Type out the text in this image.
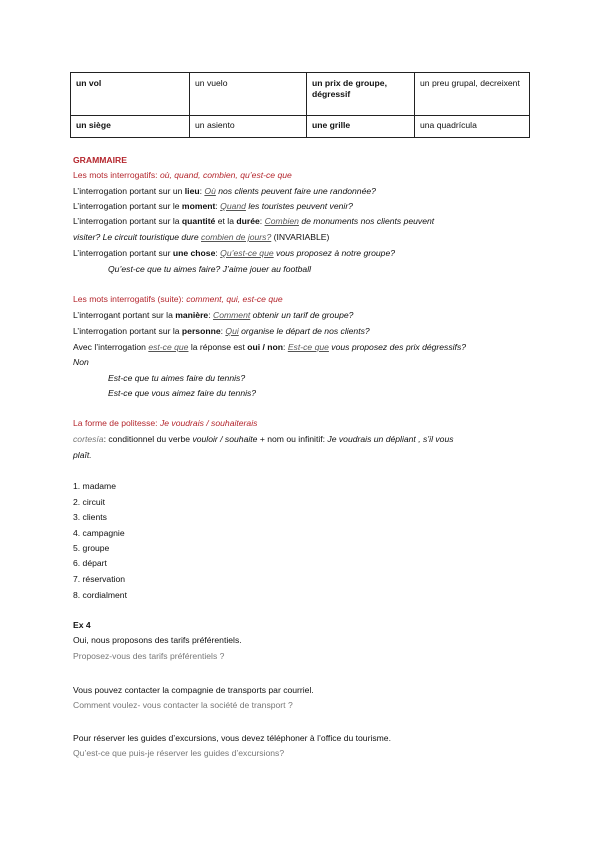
un vol	un vuelo	un prix de groupe, dégressif	un preu grupal, decreixent
un siège	un asiento	une grille	una quadrícula
GRAMMAIRE
Les mots interrogatifs: où, quand, combien, qu’est-ce que
L’interrogation portant sur un lieu: Où nos clients peuvent faire une randonnée?
L’interrogation portant sur le moment: Quand les touristes peuvent venir?
L’interrogation portant sur la quantité et la durée: Combien de monuments nos clients peuvent
visiter? Le circuit touristique dure combien de jours? (INVARIABLE)
L’interrogation portant sur une chose: Qu’est-ce que vous proposez à notre groupe?
Qu’est-ce que tu aimes faire? J’aime jouer au football
Les mots interrogatifs (suite): comment, qui, est-ce que
L’interrogant portant sur la manière: Comment obtenir un tarif de groupe?
L’interrogation portant sur la personne: Qui organise le départ de nos clients?
Avec l’interrogation est-ce que la réponse est oui / non: Est-ce que vous proposez des prix dégressifs?
Non
Est-ce que tu aimes faire du tennis?
Est-ce que vous aimez faire du tennis?
La forme de politesse: Je voudrais / souhaiterais
cortesía: conditionnel du verbe vouloir / souhaite + nom ou infinitif: Je voudrais un dépliant , s’il vous
plaît.
1. madame
2. circuit
3. clients
4. campagnie
5. groupe
6. départ
7. réservation
8. cordialment
Ex 4
Oui, nous proposons des tarifs préférentiels.
Proposez-vous des tarifs préférentiels ?
Vous pouvez contacter la compagnie de transports par courriel.
Comment voulez- vous contacter la société de transport ?
Pour réserver les guides d’excursions, vous devez téléphoner à l’office du tourisme.
Qu’est-ce que puis-je réserver les guides d’excursions?
